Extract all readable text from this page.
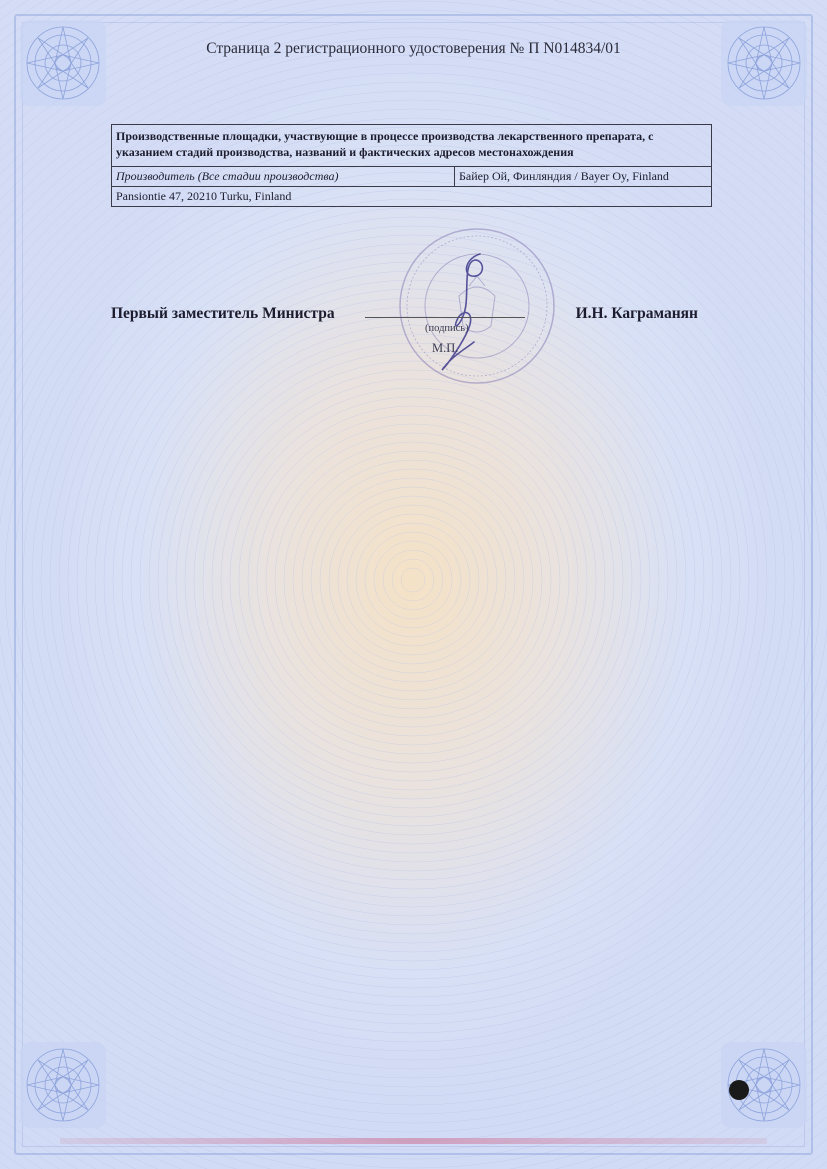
Страница 2 регистрационного удостоверения № П N014834/01
Производственные площадки, участвующие в процессе производства лекарственного препарата, с указанием стадий производства, названий и фактических адресов местонахождения
Производитель (Все стадии производства)	Байер Ой, Финляндия / Bayer Oy, Finland
Pansiontie 47, 20210 Turku, Finland
Первый заместитель Министра	И.Н. Каграманян
(подпись)
М.П.
